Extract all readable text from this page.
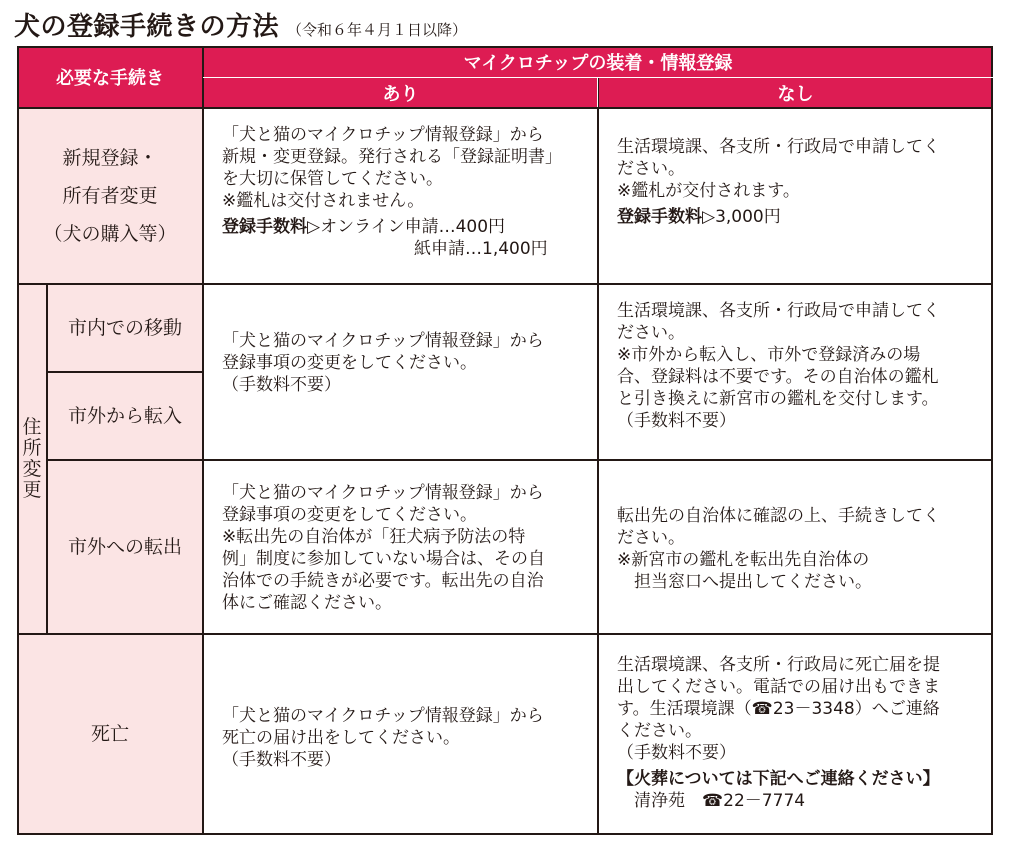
犬の登録手続きの方法 （令和６年４月１日以降）
必要な手続き
マイクロチップの装着・情報登録
あり	なし
新規登録・
所有者変更
（犬の購入等）
住 所 変 更
市内での移動
市外から転入
市外への転出
死亡
「犬と猫のマイクロチップ情報登録」から
新規・変更登録。発行される「登録証明書」
を大切に保管してください。
※鑑札は交付されません。
登録手数料▷オンライン申請…400円
紙申請…1,400円
生活環境課、各支所・行政局で申請してく
ださい。
※鑑札が交付されます。
登録手数料▷3,000円
「犬と猫のマイクロチップ情報登録」から
登録事項の変更をしてください。
（手数料不要）
生活環境課、各支所・行政局で申請してく
ださい。
※市外から転入し、市外で登録済みの場
合、登録料は不要です。その自治体の鑑札
と引き換えに新宮市の鑑札を交付します。
（手数料不要）
「犬と猫のマイクロチップ情報登録」から
登録事項の変更をしてください。
※転出先の自治体が「狂犬病予防法の特
例」制度に参加していない場合は、その自
治体での手続きが必要です。転出先の自治
体にご確認ください。
転出先の自治体に確認の上、手続きしてく
ださい。
※新宮市の鑑札を転出先自治体の
　担当窓口へ提出してください。
「犬と猫のマイクロチップ情報登録」から
死亡の届け出をしてください。
（手数料不要）
生活環境課、各支所・行政局に死亡届を提
出してください。電話での届け出もできま
す。生活環境課（☎23－3348）へご連絡
ください。
（手数料不要）
【火葬については下記へご連絡ください】
　清浄苑　☎22－7774
